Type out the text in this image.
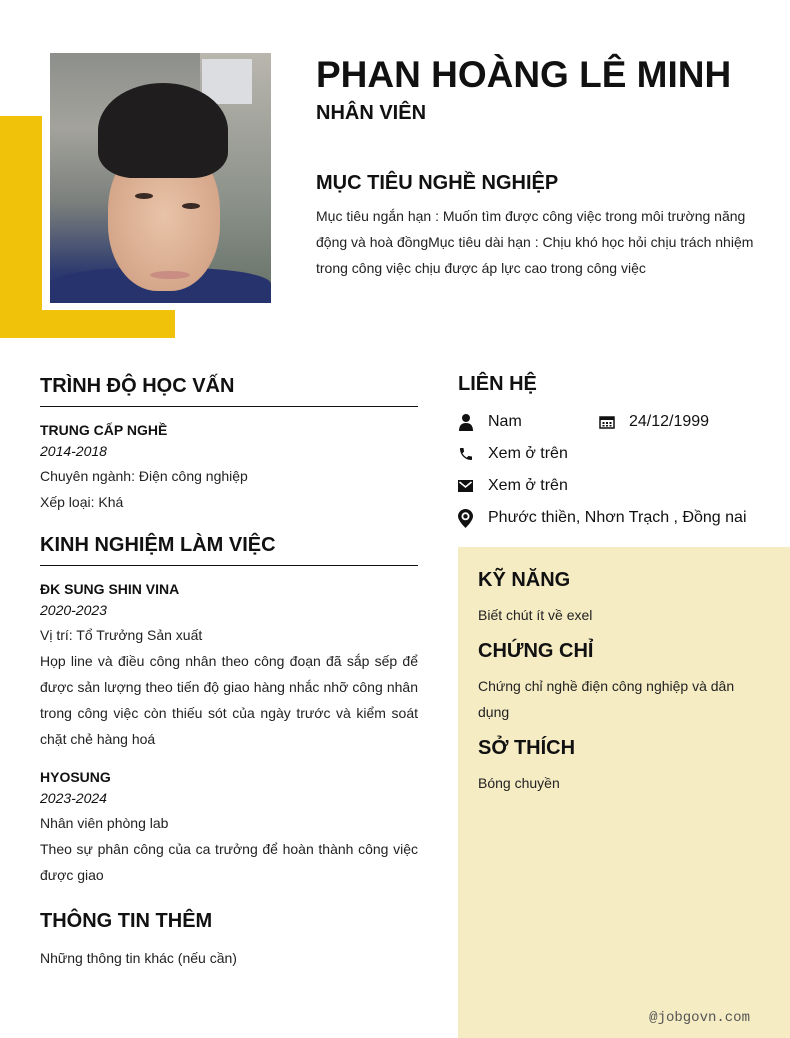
PHAN HOÀNG LÊ MINH
NHÂN VIÊN
MỤC TIÊU NGHỀ NGHIỆP
Mục tiêu ngắn hạn : Muốn tìm được công việc trong môi trường năng động và hoà đồngMục tiêu dài hạn : Chịu khó học hỏi chịu trách nhiệm trong công việc chịu được áp lực cao trong công việc
TRÌNH ĐỘ HỌC VẤN
TRUNG CẤP NGHỀ
2014-2018
Chuyên ngành: Điện công nghiệp
Xếp loại: Khá
KINH NGHIỆM LÀM VIỆC
ĐK SUNG SHIN VINA
2020-2023
Vị trí: Tổ Trưởng Sản xuất
Họp line và điều công nhân theo công đoạn đã sắp sếp để được sản lượng theo tiến độ giao hàng nhắc nhỡ công nhân trong công việc còn thiếu sót của ngày trước và kiểm soát chặt chẻ hàng hoá
HYOSUNG
2023-2024
Nhân viên phòng lab
Theo sự phân công của ca trưởng để hoàn thành công việc được giao
THÔNG TIN THÊM
Những thông tin khác (nếu cần)
LIÊN HỆ
Nam	24/12/1999
Xem ở trên
Xem ở trên
Phước thiền, Nhơn Trạch , Đồng nai
KỸ NĂNG
Biết chút ít về exel
CHỨNG CHỈ
Chứng chỉ nghề điện công nghiệp và dân dụng
SỞ THÍCH
Bóng chuyền
@jobgovn.com
